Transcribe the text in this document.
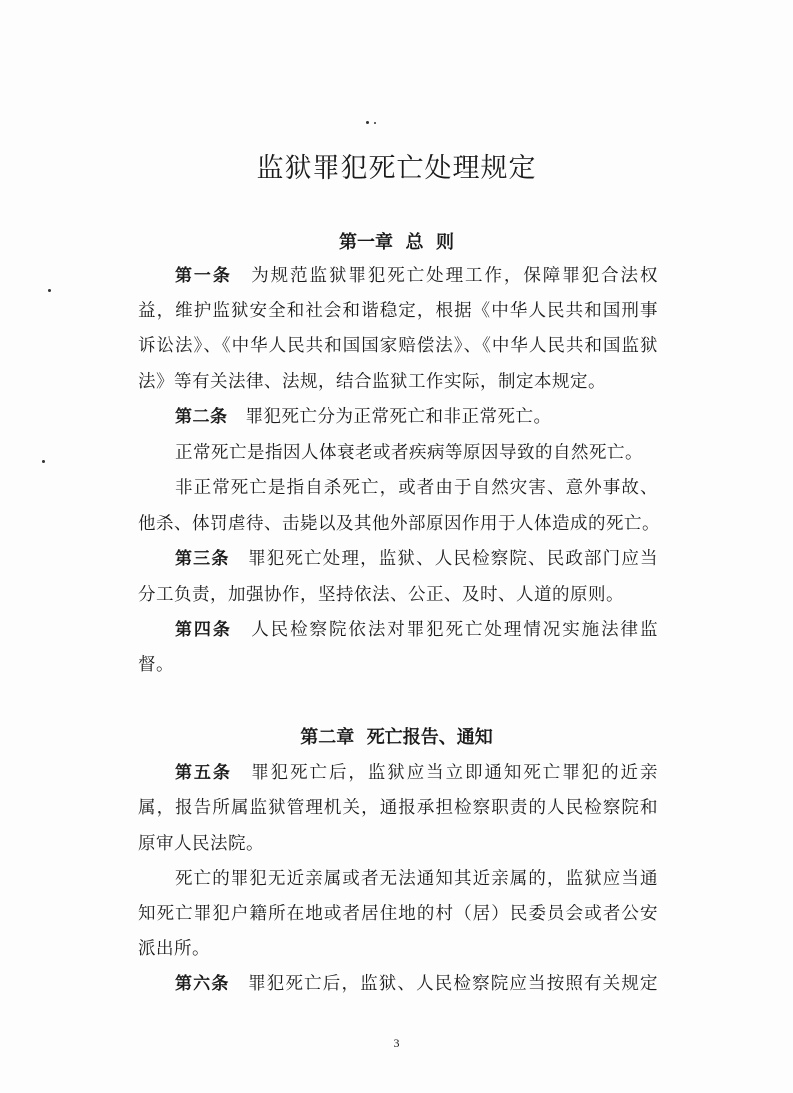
监狱罪犯死亡处理规定
第一章  总  则
第一条  为规范监狱罪犯死亡处理工作，保障罪犯合法权
益，维护监狱安全和社会和谐稳定，根据《中华人民共和国刑事
诉讼法》、《中华人民共和国国家赔偿法》、《中华人民共和国监狱
法》等有关法律、法规，结合监狱工作实际，制定本规定。
第二条  罪犯死亡分为正常死亡和非正常死亡。
正常死亡是指因人体衰老或者疾病等原因导致的自然死亡。
非正常死亡是指自杀死亡，或者由于自然灾害、意外事故、
他杀、体罚虐待、击毙以及其他外部原因作用于人体造成的死亡。
第三条  罪犯死亡处理，监狱、人民检察院、民政部门应当
分工负责，加强协作，坚持依法、公正、及时、人道的原则。
第四条  人民检察院依法对罪犯死亡处理情况实施法律监
督。
第二章  死亡报告、通知
第五条  罪犯死亡后，监狱应当立即通知死亡罪犯的近亲
属，报告所属监狱管理机关，通报承担检察职责的人民检察院和
原审人民法院。
死亡的罪犯无近亲属或者无法通知其近亲属的，监狱应当通
知死亡罪犯户籍所在地或者居住地的村（居）民委员会或者公安
派出所。
第六条  罪犯死亡后，监狱、人民检察院应当按照有关规定
3
